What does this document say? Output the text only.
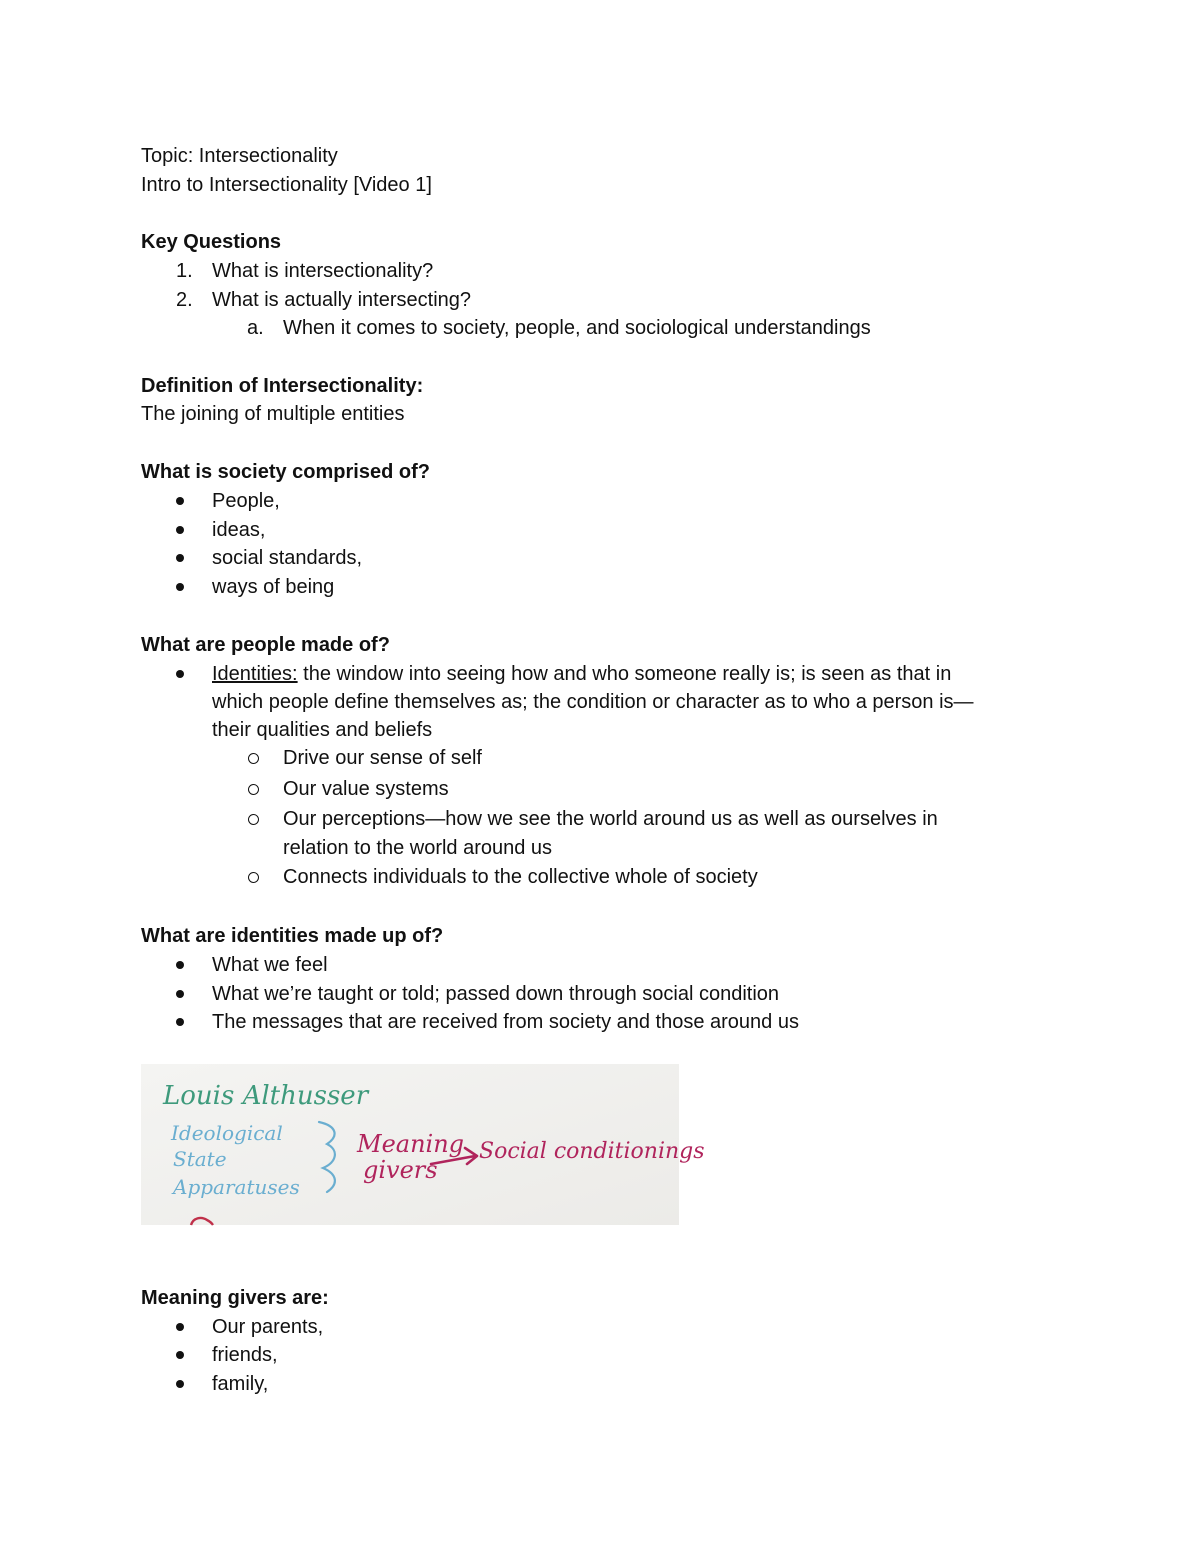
Topic: Intersectionality
Intro to Intersectionality [Video 1]
Key Questions
1. What is intersectionality?
2. What is actually intersecting?
a. When it comes to society, people, and sociological understandings
Definition of Intersectionality:
The joining of multiple entities
What is society comprised of?
People,
ideas,
social standards,
ways of being
What are people made of?
Identities: the window into seeing how and who someone really is; is seen as that in
which people define themselves as; the condition or character as to who a person is—
their qualities and beliefs
Drive our sense of self
Our value systems
Our perceptions—how we see the world around us as well as ourselves in
relation to the world around us
Connects individuals to the collective whole of society
What are identities made up of?
What we feel
What we’re taught or told; passed down through social condition
The messages that are received from society and those around us
Louis Althusser
Ideological
State
Apparatuses
Meaning
givers
Social conditionings
Meaning givers are:
Our parents,
friends,
family,
